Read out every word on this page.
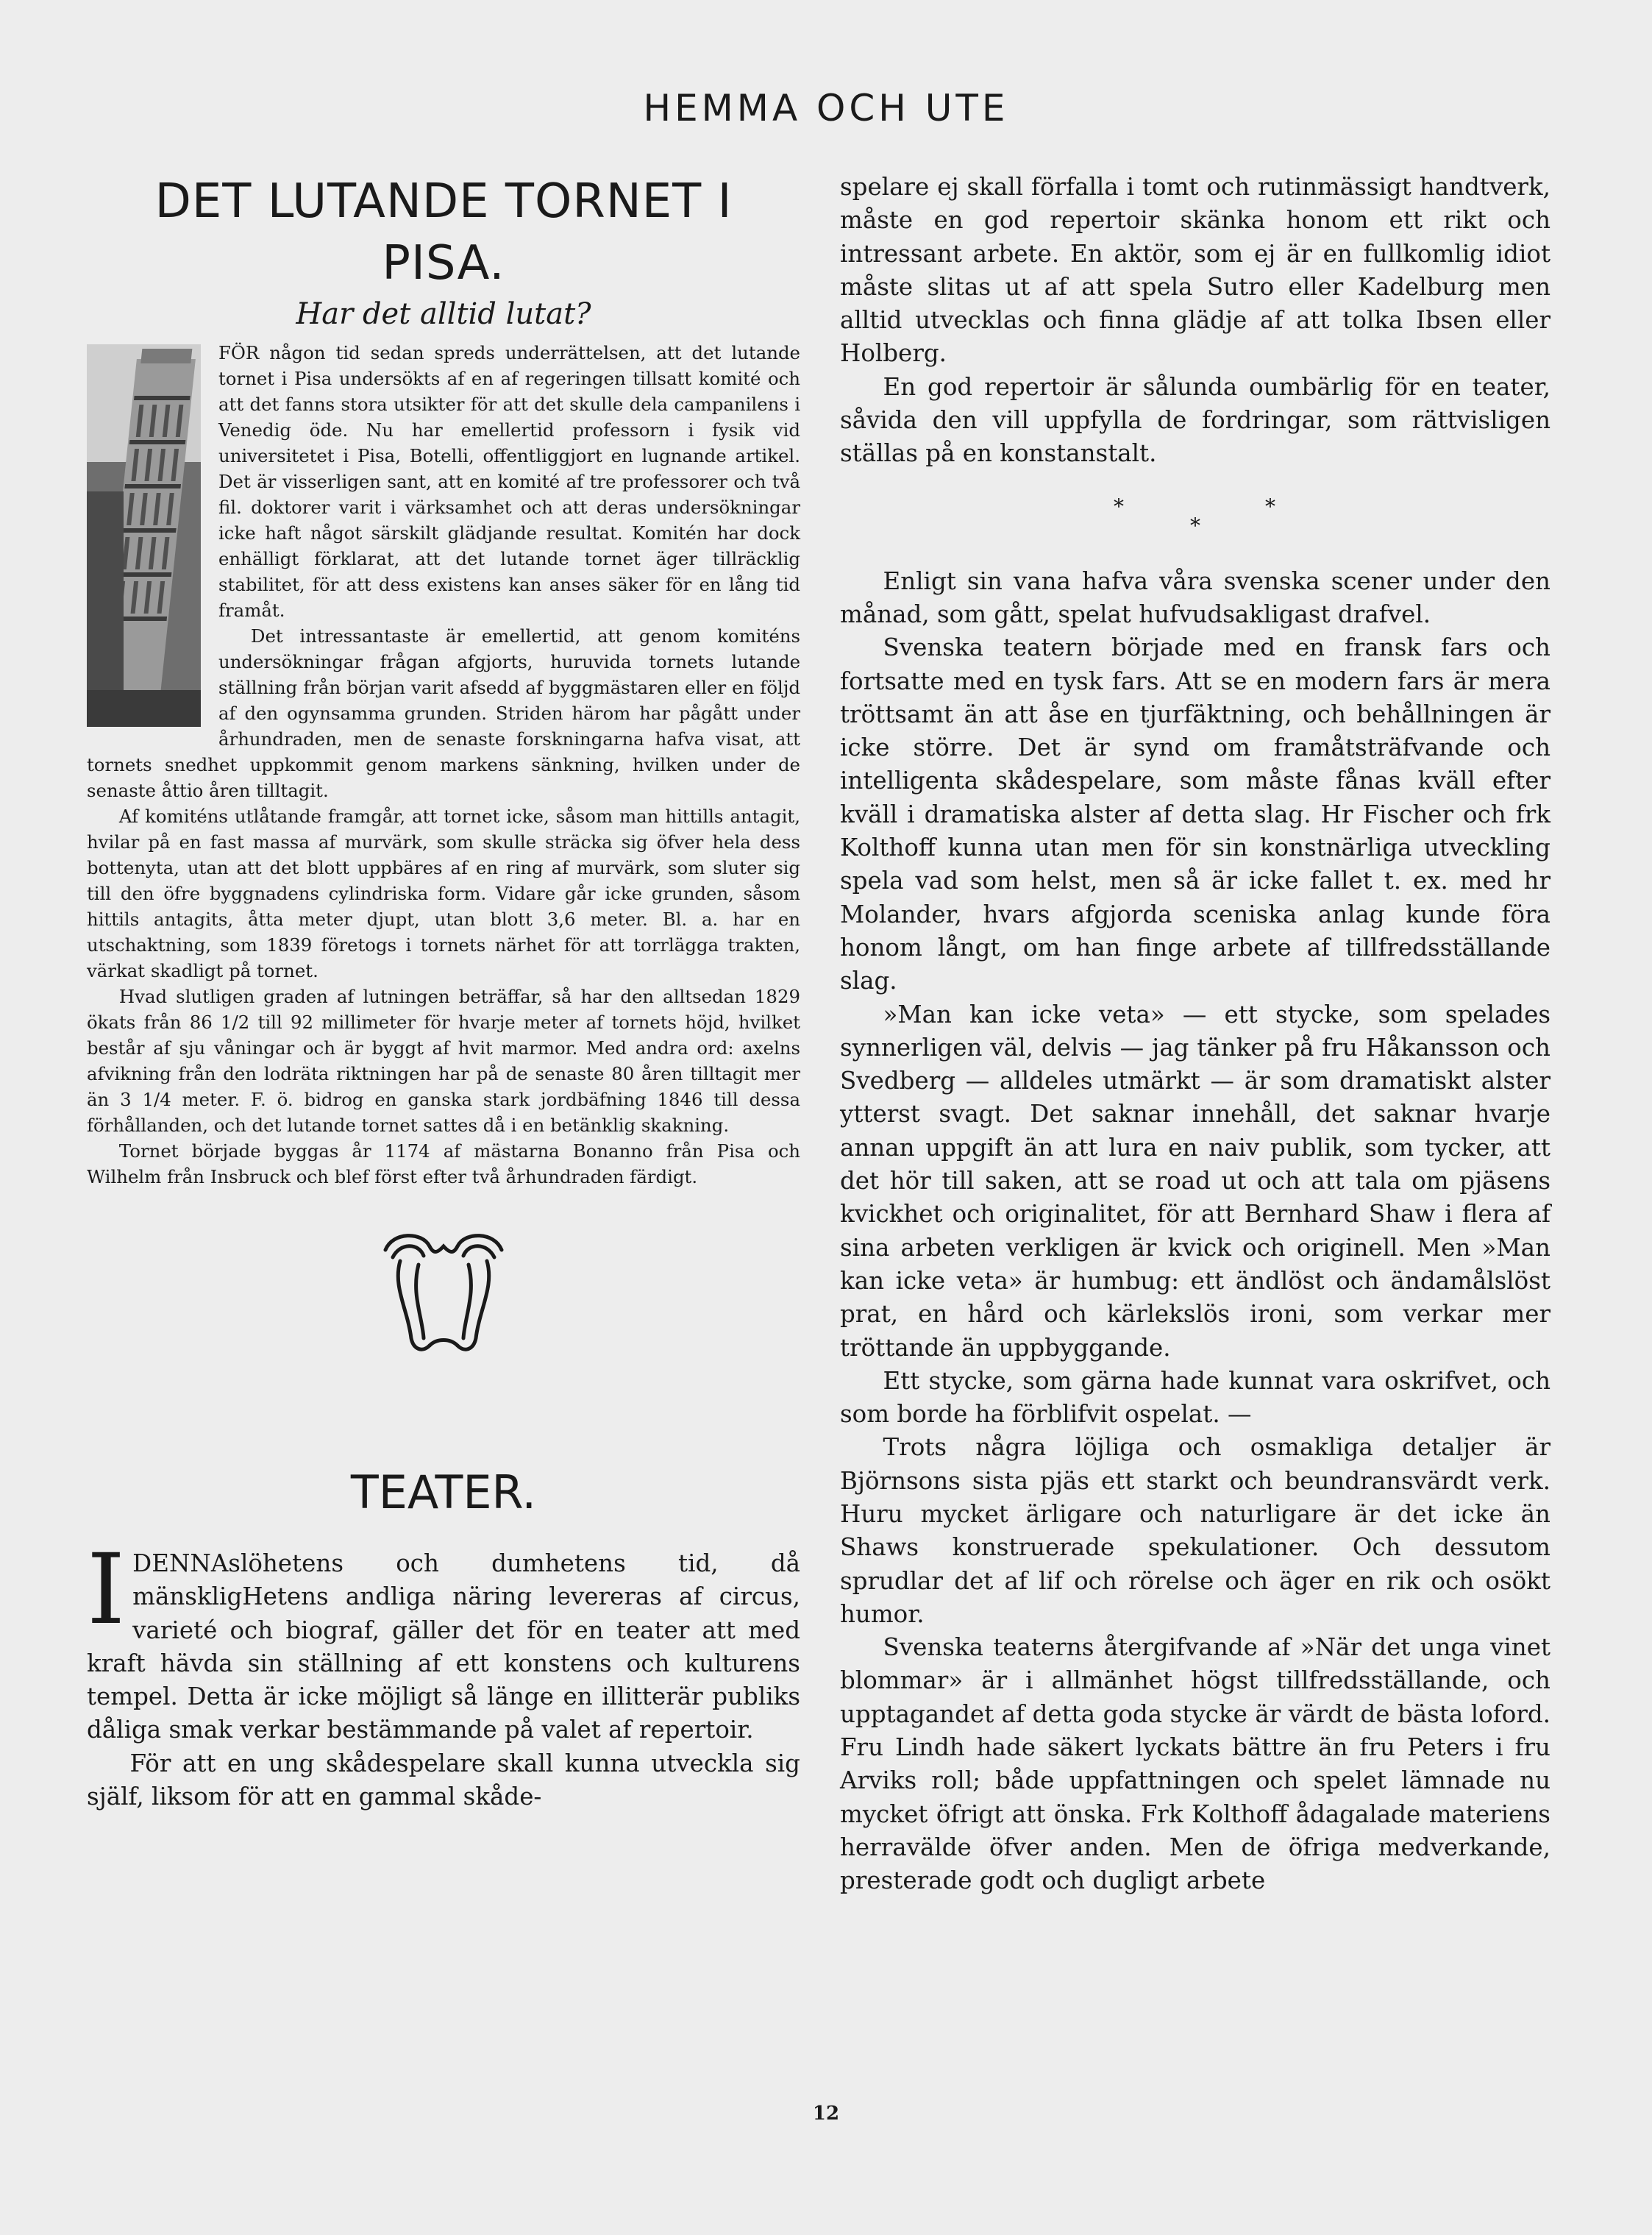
HEMMA OCH UTE
DET LUTANDE TORNET I PISA.
Har det alltid lutat?

FÖR någon tid sedan spreds underrättelsen, att det lutande tornet i Pisa undersökts af en af regeringen tillsatt komité och att det fanns stora utsikter för att det skulle dela campanilens i Venedig öde. Nu har emellertid professorn i fysik vid universitetet i Pisa, Botelli, offentliggjort en lugnande artikel. Det är visserligen sant, att en komité af tre professorer och två fil. doktorer varit i värksamhet och att deras undersökningar icke haft något särskilt glädjande resultat. Komitén har dock enhälligt förklarat, att det lutande tornet äger tillräcklig stabilitet, för att dess existens kan anses säker för en lång tid framåt.

Det intressantaste är emellertid, att genom komiténs undersökningar frågan afgjorts, huruvida tornets lutande ställning från början varit afsedd af byggmästaren eller en följd af den ogynsamma grunden. Striden härom har pågått under århundraden, men de senaste forskningarna hafva visat, att tornets snedhet uppkommit genom markens sänkning, hvilken under de senaste åttio åren tilltagit.

Af komiténs utlåtande framgår, att tornet icke, såsom man hittills antagit, hvilar på en fast massa af murvärk, som skulle sträcka sig öfver hela dess bottenyta, utan att det blott uppbäres af en ring af murvärk, som sluter sig till den öfre byggnadens cylindriska form. Vidare går icke grunden, såsom hittils antagits, åtta meter djupt, utan blott 3,6 meter. Bl. a. har en utschaktning, som 1839 företogs i tornets närhet för att torrlägga trakten, värkat skadligt på tornet.

Hvad slutligen graden af lutningen beträffar, så har den alltsedan 1829 ökats från 86 1/2 till 92 millimeter för hvarje meter af tornets höjd, hvilket består af sju våningar och är byggt af hvit marmor. Med andra ord: axelns afvikning från den lodräta riktningen har på de senaste 80 åren tilltagit mer än 3 1/4 meter. F. ö. bidrog en ganska stark jordbäfning 1846 till dessa förhållanden, och det lutande tornet sattes då i en betänklig skakning.

Tornet började byggas år 1174 af mästarna Bonanno från Pisa och Wilhelm från Insbruck och blef först efter två århundraden färdigt.

TEATER.
I DENNAslöhetens och dumhetens tid, då mänskligHetens andliga näring levereras af circus, varieté och biograf, gäller det för en teater att med kraft hävda sin ställning af ett konstens och kulturens tempel. Detta är icke möjligt så länge en illitterär publiks dåliga smak verkar bestämmande på valet af repertoir.

För att en ung skådespelare skall kunna utveckla sig själf, liksom för att en gammal skåde-

spelare ej skall förfalla i tomt och rutinmässigt handtverk, måste en god repertoir skänka honom ett rikt och intressant arbete. En aktör, som ej är en fullkomlig idiot måste slitas ut af att spela Sutro eller Kadelburg men alltid utvecklas och finna glädje af att tolka Ibsen eller Holberg.

En god repertoir är sålunda oumbärlig för en teater, såvida den vill uppfylla de fordringar, som rättvisligen ställas på en konstanstalt.

*	*
*

Enligt sin vana hafva våra svenska scener under den månad, som gått, spelat hufvudsakligast drafvel.

Svenska teatern började med en fransk fars och fortsatte med en tysk fars. Att se en modern fars är mera tröttsamt än att åse en tjurfäktning, och behållningen är icke större. Det är synd om framåtsträfvande och intelligenta skådespelare, som måste fånas kväll efter kväll i dramatiska alster af detta slag. Hr Fischer och frk Kolthoff kunna utan men för sin konstnärliga utveckling spela vad som helst, men så är icke fallet t. ex. med hr Molander, hvars afgjorda sceniska anlag kunde föra honom långt, om han finge arbete af tillfredsställande slag.

»Man kan icke veta» — ett stycke, som spelades synnerligen väl, delvis — jag tänker på fru Håkansson och Svedberg — alldeles utmärkt — är som dramatiskt alster ytterst svagt. Det saknar innehåll, det saknar hvarje annan uppgift än att lura en naiv publik, som tycker, att det hör till saken, att se road ut och att tala om pjäsens kvickhet och originalitet, för att Bernhard Shaw i flera af sina arbeten verkligen är kvick och originell. Men »Man kan icke veta» är humbug: ett ändlöst och ändamålslöst prat, en hård och kärlekslös ironi, som verkar mer tröttande än uppbyggande.

Ett stycke, som gärna hade kunnat vara oskrifvet, och som borde ha förblifvit ospelat. —

Trots några löjliga och osmakliga detaljer är Björnsons sista pjäs ett starkt och beundransvärdt verk. Huru mycket ärligare och naturligare är det icke än Shaws konstruerade spekulationer. Och dessutom sprudlar det af lif och rörelse och äger en rik och osökt humor.

Svenska teaterns återgifvande af »När det unga vinet blommar» är i allmänhet högst tillfredsställande, och upptagandet af detta goda stycke är värdt de bästa loford. Fru Lindh hade säkert lyckats bättre än fru Peters i fru Arviks roll; både uppfattningen och spelet lämnade nu mycket öfrigt att önska. Frk Kolthoff ådagalade materiens herravälde öfver anden. Men de öfriga medverkande, presterade godt och dugligt arbete

12
